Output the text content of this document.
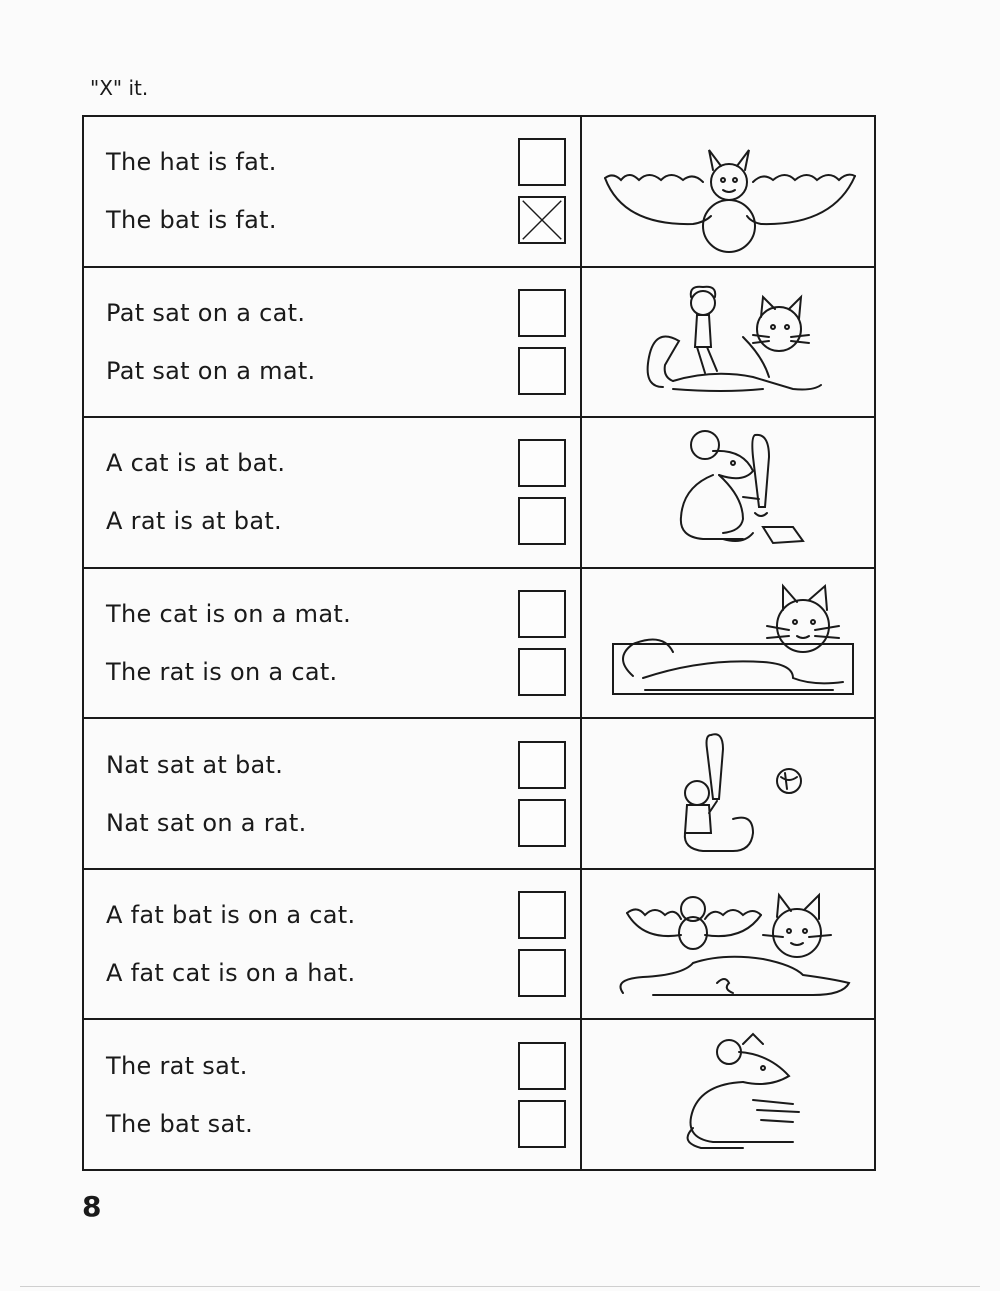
"X" it.
The hat is fat.
The bat is fat.
Pat sat on a cat.
Pat sat on a mat.
A cat is at bat.
A rat is at bat.
The cat is on a mat.
The rat is on a cat.
Nat sat at bat.
Nat sat on a rat.
A fat bat is on a cat.
A fat cat is on a hat.
The rat sat.
The bat sat.
8
